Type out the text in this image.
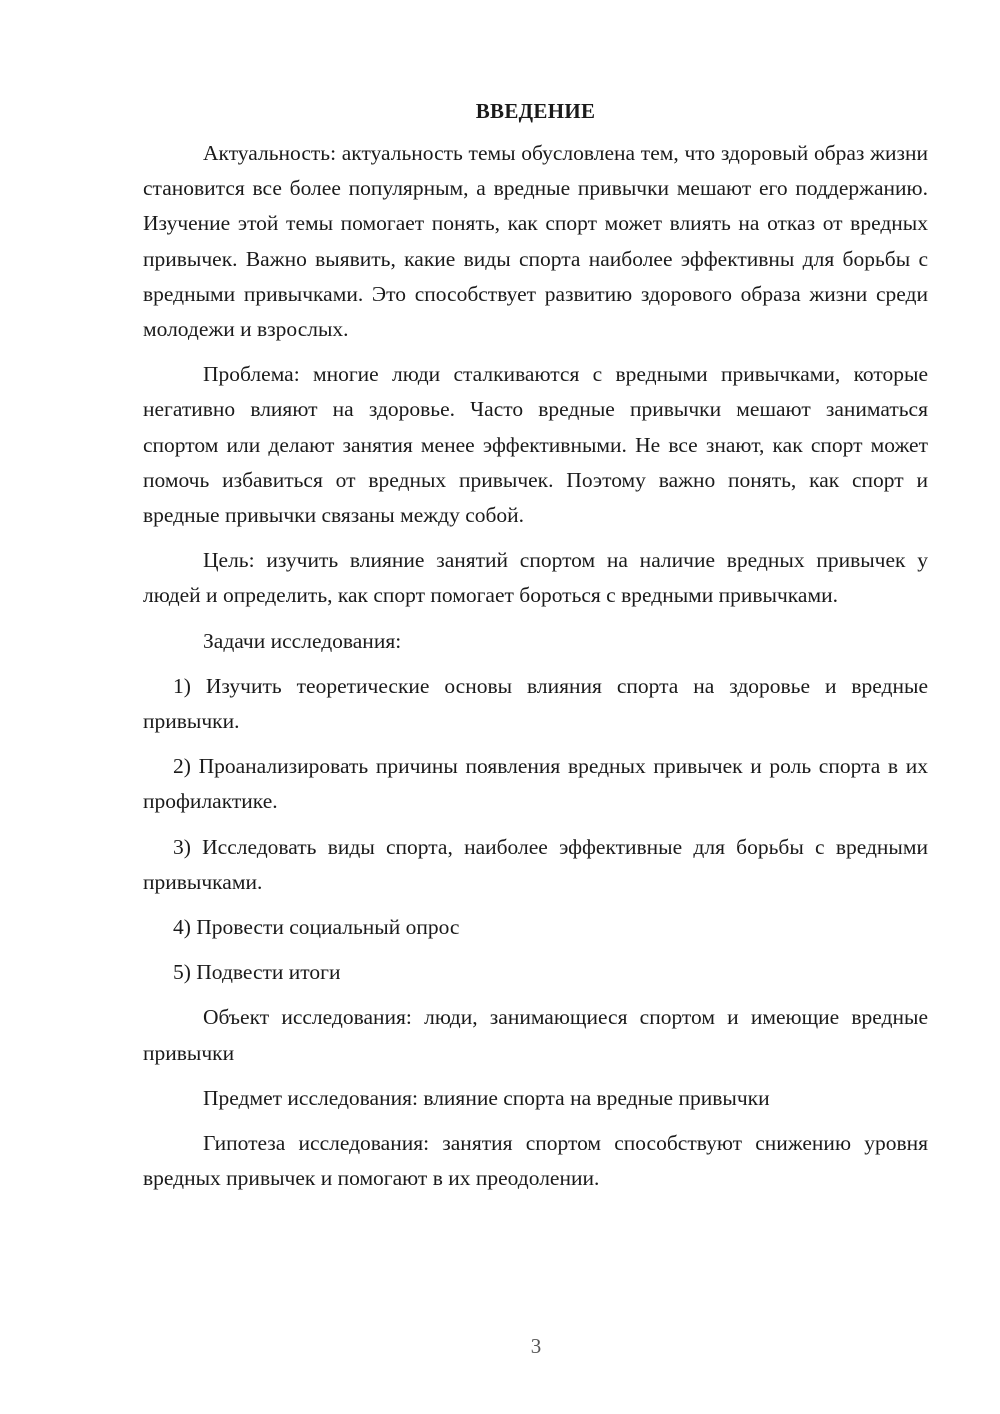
ВВЕДЕНИЕ

Актуальность: актуальность темы обусловлена тем, что здоровый образ жизни становится все более популярным, а вредные привычки мешают его поддержанию. Изучение этой темы помогает понять, как спорт может влиять на отказ от вредных привычек. Важно выявить, какие виды спорта наиболее эффективны для борьбы с вредными привычками. Это способствует развитию здорового образа жизни среди молодежи и взрослых.

Проблема: многие люди сталкиваются с вредными привычками, которые негативно влияют на здоровье. Часто вредные привычки мешают заниматься спортом или делают занятия менее эффективными. Не все знают, как спорт может помочь избавиться от вредных привычек. Поэтому важно понять, как спорт и вредные привычки связаны между собой.

Цель: изучить влияние занятий спортом на наличие вредных привычек у людей и определить, как спорт помогает бороться с вредными привычками.

Задачи исследования:

1) Изучить теоретические основы влияния спорта на здоровье и вредные привычки.

2) Проанализировать причины появления вредных привычек и роль спорта в их профилактике.

3) Исследовать виды спорта, наиболее эффективные для борьбы с вредными привычками.

4) Провести социальный опрос

5) Подвести итоги

Объект исследования: люди, занимающиеся спортом и имеющие вредные привычки

Предмет исследования: влияние спорта на вредные привычки

Гипотеза исследования: занятия спортом способствуют снижению уровня вредных привычек и помогают в их преодолении.

3
